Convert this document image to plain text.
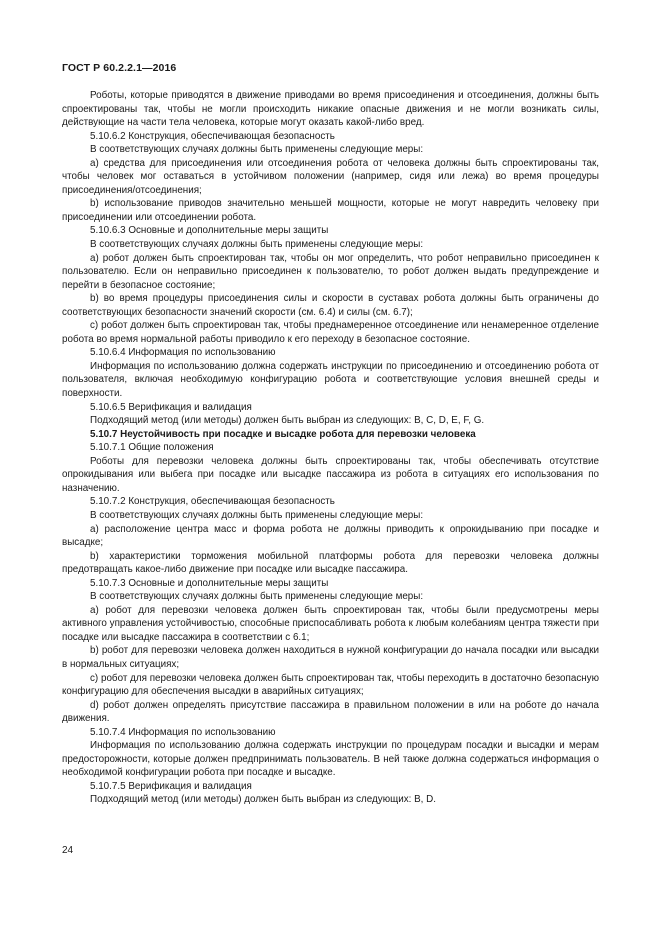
ГОСТ Р 60.2.2.1—2016

Роботы, которые приводятся в движение приводами во время присоединения и отсоединения, должны быть спроектированы так, чтобы не могли происходить никакие опасные движения и не могли возникать силы, действующие на части тела человека, которые могут оказать какой-либо вред.

5.10.6.2 Конструкция, обеспечивающая безопасность

В соответствующих случаях должны быть применены следующие меры:

a) средства для присоединения или отсоединения робота от человека должны быть спроектированы так, чтобы человек мог оставаться в устойчивом положении (например, сидя или лежа) во время процедуры присоединения/отсоединения;

b) использование приводов значительно меньшей мощности, которые не могут навредить человеку при присоединении или отсоединении робота.

5.10.6.3 Основные и дополнительные меры защиты

В соответствующих случаях должны быть применены следующие меры:

a) робот должен быть спроектирован так, чтобы он мог определить, что робот неправильно присоединен к пользователю. Если он неправильно присоединен к пользователю, то робот должен выдать предупреждение и перейти в безопасное состояние;

b) во время процедуры присоединения силы и скорости в суставах робота должны быть ограничены до соответствующих безопасности значений скорости (см. 6.4) и силы (см. 6.7);

c) робот должен быть спроектирован так, чтобы преднамеренное отсоединение или ненамеренное отделение робота во время нормальной работы приводило к его переходу в безопасное состояние.

5.10.6.4 Информация по использованию

Информация по использованию должна содержать инструкции по присоединению и отсоединению робота от пользователя, включая необходимую конфигурацию робота и соответствующие условия внешней среды и поверхности.

5.10.6.5 Верификация и валидация

Подходящий метод (или методы) должен быть выбран из следующих: B, C, D, E, F, G.

5.10.7 Неустойчивость при посадке и высадке робота для перевозки человека

5.10.7.1 Общие положения

Роботы для перевозки человека должны быть спроектированы так, чтобы обеспечивать отсутствие опрокидывания или выбега при посадке или высадке пассажира из робота в ситуациях его использования по назначению.

5.10.7.2 Конструкция, обеспечивающая безопасность

В соответствующих случаях должны быть применены следующие меры:

a) расположение центра масс и форма робота не должны приводить к опрокидыванию при посадке и высадке;

b) характеристики торможения мобильной платформы робота для перевозки человека должны предотвращать какое-либо движение при посадке или высадке пассажира.

5.10.7.3 Основные и дополнительные меры защиты

В соответствующих случаях должны быть применены следующие меры:

a) робот для перевозки человека должен быть спроектирован так, чтобы были предусмотрены меры активного управления устойчивостью, способные приспосабливать робота к любым колебаниям центра тяжести при посадке или высадке пассажира в соответствии с 6.1;

b) робот для перевозки человека должен находиться в нужной конфигурации до начала посадки или высадки в нормальных ситуациях;

c) робот для перевозки человека должен быть спроектирован так, чтобы переходить в достаточно безопасную конфигурацию для обеспечения высадки в аварийных ситуациях;

d) робот должен определять присутствие пассажира в правильном положении в или на роботе до начала движения.

5.10.7.4 Информация по использованию

Информация по использованию должна содержать инструкции по процедурам посадки и высадки и мерам предосторожности, которые должен предпринимать пользователь. В ней также должна содержаться информация о необходимой конфигурации робота при посадке и высадке.

5.10.7.5 Верификация и валидация

Подходящий метод (или методы) должен быть выбран из следующих: B, D.

24
